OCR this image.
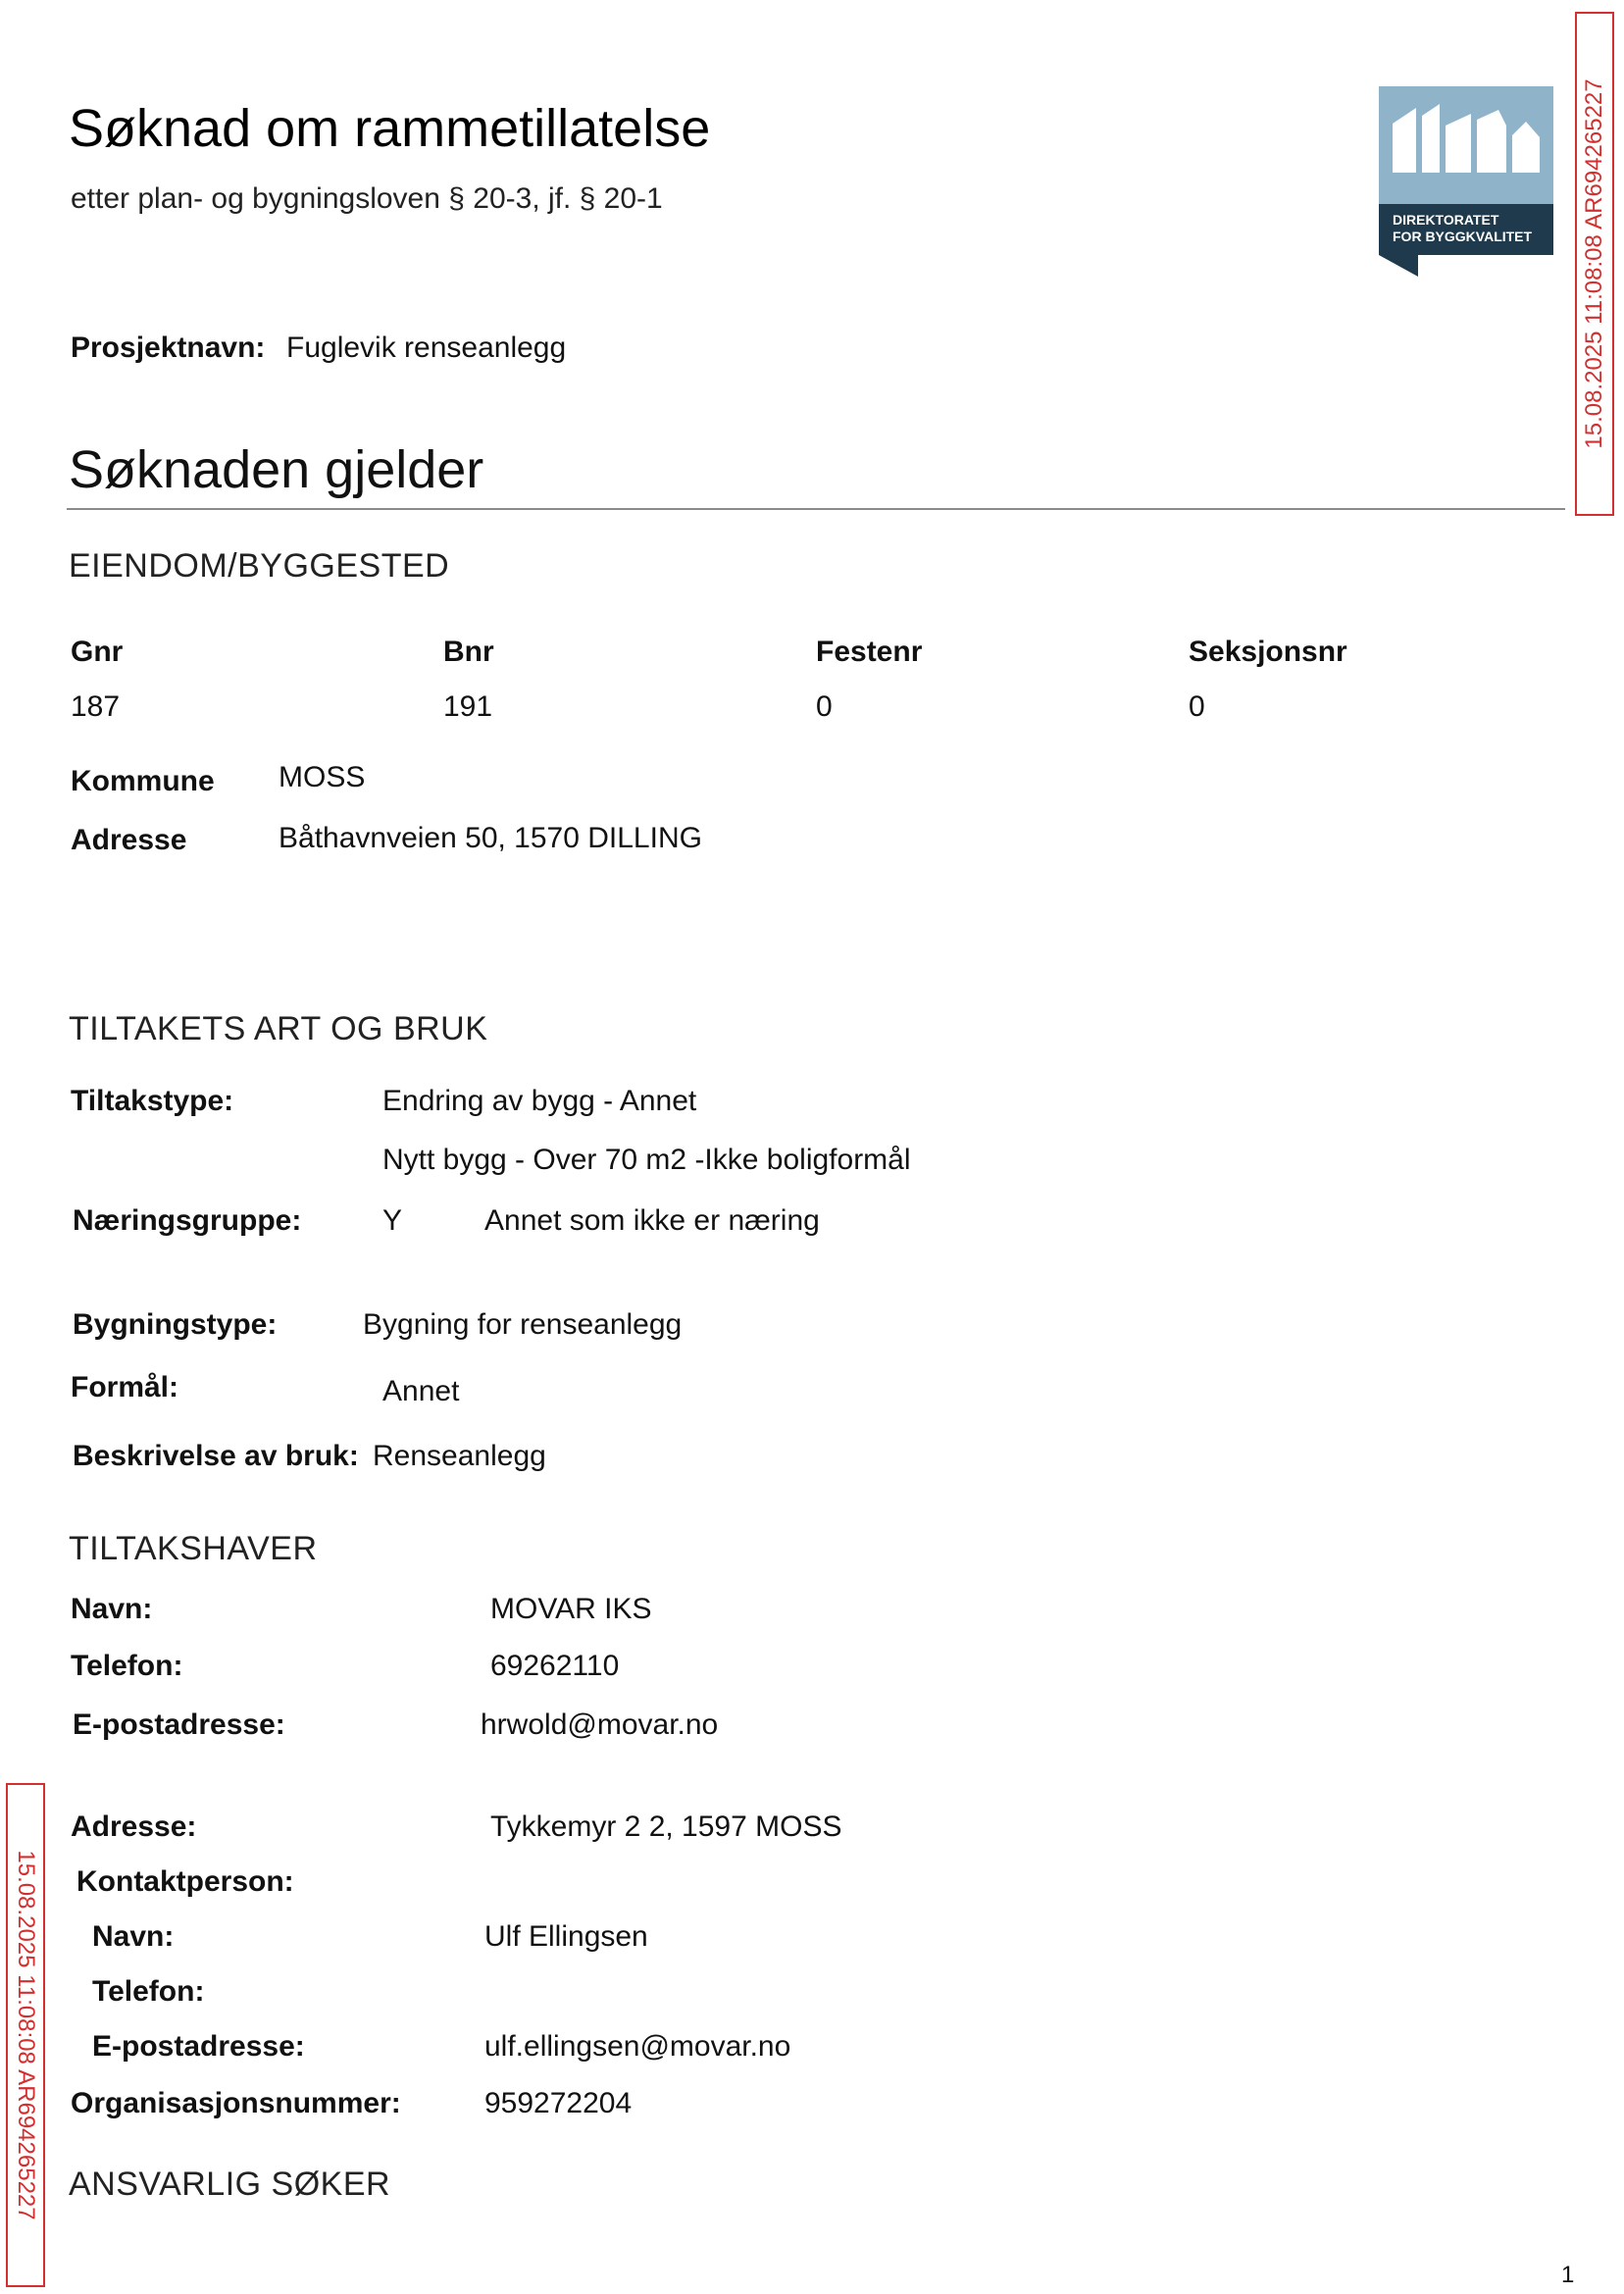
Søknad om rammetillatelse
etter plan- og bygningsloven § 20-3, jf. § 20-1
DIREKTORATET
FOR BYGGKVALITET 15.08.2025 11:08:08 AR694265227
15.08.2025 11:08:08 AR694265227
Prosjektnavn: Fuglevik renseanlegg
Søknaden gjelder
EIENDOM/BYGGESTED
Gnr	Bnr	Festenr	Seksjonsnr
187	191	0	0
Kommune MOSS
Adresse	Båthavnveien 50, 1570 DILLING
TILTAKETS ART OG BRUK
Tiltakstype:	Endring av bygg - Annet
Nytt bygg - Over 70 m2 -Ikke boligformål
Næringsgruppe:	Y	Annet som ikke er næring
Bygningstype:	Bygning for renseanlegg
Formål:	Annet
Beskrivelse av bruk: Renseanlegg
TILTAKSHAVER
Navn:	MOVAR IKS
Telefon:	69262110
E-postadresse:	hrwold@movar.no
Adresse:	Tykkemyr 2 2, 1597 MOSS
Kontaktperson:
Navn:	Ulf Ellingsen
Telefon:
E-postadresse:	ulf.ellingsen@movar.no
Organisasjonsnummer:	959272204
ANSVARLIG SØKER
1
